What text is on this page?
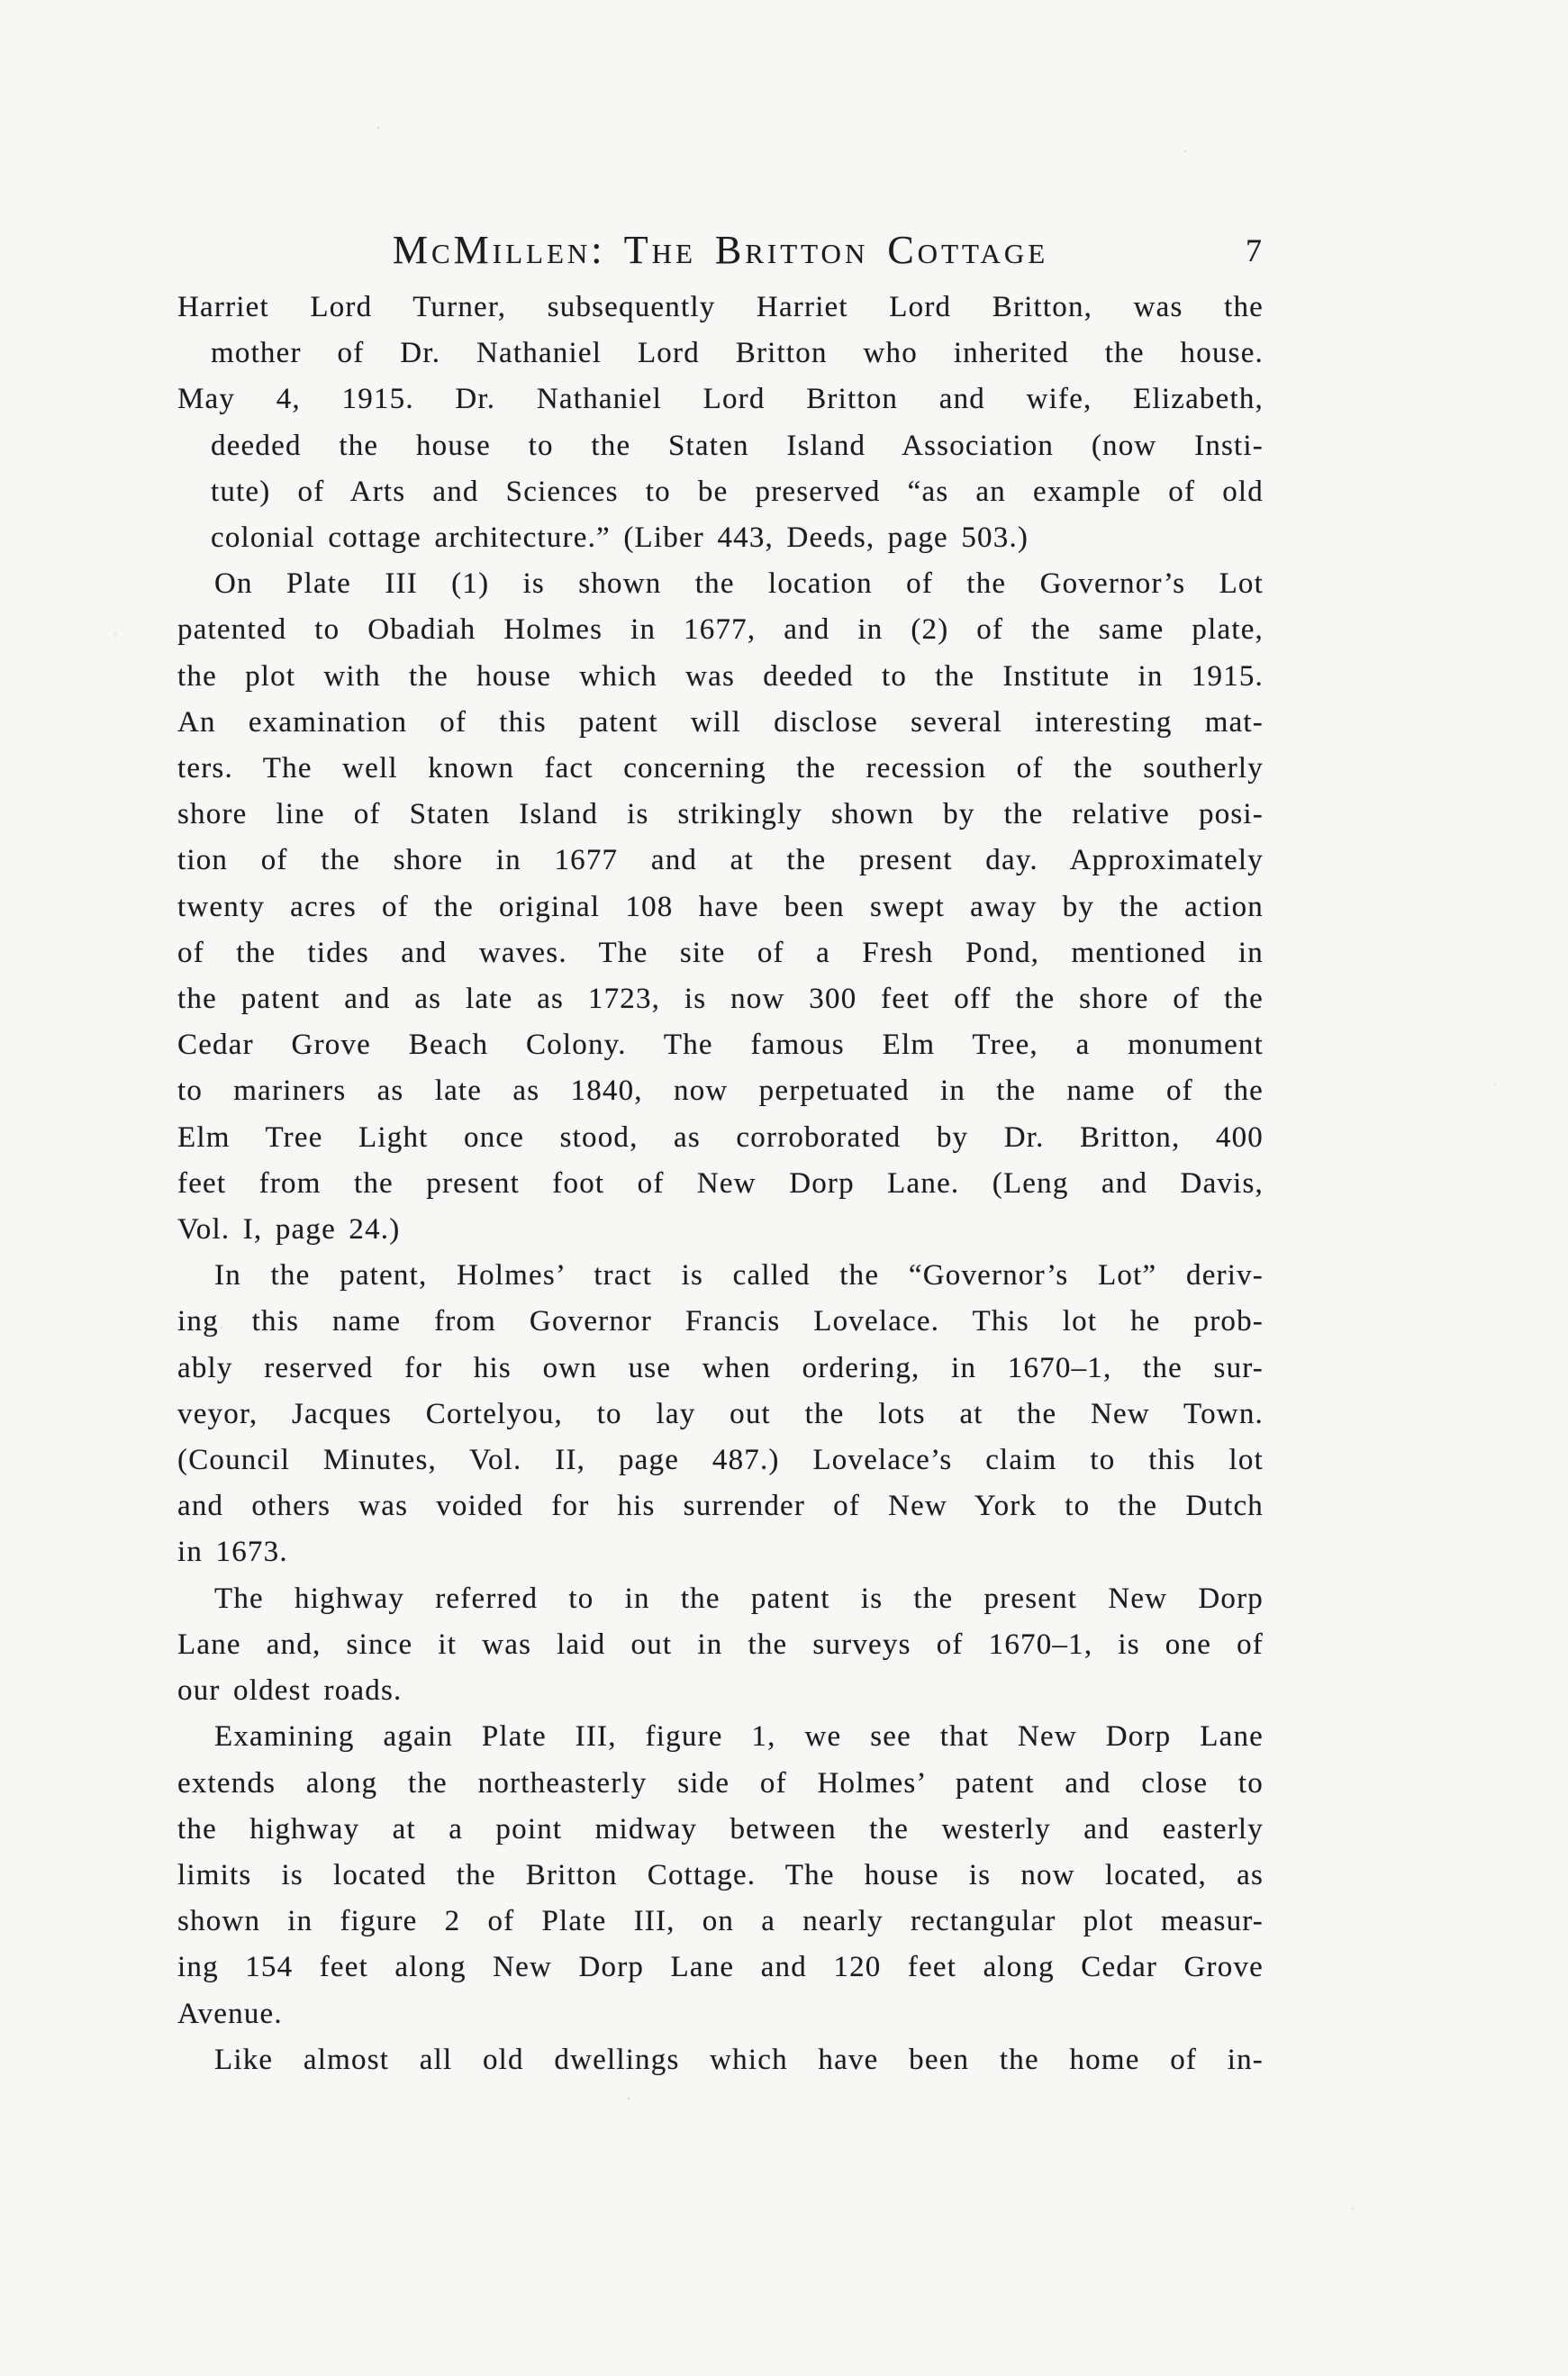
McMillen: The Britton Cottage	7
Harriet Lord Turner, subsequently Harriet Lord Britton, was the
mother of Dr. Nathaniel Lord Britton who inherited the house.
May 4, 1915. Dr. Nathaniel Lord Britton and wife, Elizabeth,
deeded the house to the Staten Island Association (now Insti-
tute) of Arts and Sciences to be preserved “as an example of old
colonial cottage architecture.” (Liber 443, Deeds, page 503.)
On Plate III (1) is shown the location of the Governor’s Lot
patented to Obadiah Holmes in 1677, and in (2) of the same plate,
the plot with the house which was deeded to the Institute in 1915.
An examination of this patent will disclose several interesting mat-
ters. The well known fact concerning the recession of the southerly
shore line of Staten Island is strikingly shown by the relative posi-
tion of the shore in 1677 and at the present day. Approximately
twenty acres of the original 108 have been swept away by the action
of the tides and waves. The site of a Fresh Pond, mentioned in
the patent and as late as 1723, is now 300 feet off the shore of the
Cedar Grove Beach Colony. The famous Elm Tree, a monument
to mariners as late as 1840, now perpetuated in the name of the
Elm Tree Light once stood, as corroborated by Dr. Britton, 400
feet from the present foot of New Dorp Lane. (Leng and Davis,
Vol. I, page 24.)
In the patent, Holmes’ tract is called the “Governor’s Lot” deriv-
ing this name from Governor Francis Lovelace. This lot he prob-
ably reserved for his own use when ordering, in 1670–1, the sur-
veyor, Jacques Cortelyou, to lay out the lots at the New Town.
(Council Minutes, Vol. II, page 487.) Lovelace’s claim to this lot
and others was voided for his surrender of New York to the Dutch
in 1673.
The highway referred to in the patent is the present New Dorp
Lane and, since it was laid out in the surveys of 1670–1, is one of
our oldest roads.
Examining again Plate III, figure 1, we see that New Dorp Lane
extends along the northeasterly side of Holmes’ patent and close to
the highway at a point midway between the westerly and easterly
limits is located the Britton Cottage. The house is now located, as
shown in figure 2 of Plate III, on a nearly rectangular plot measur-
ing 154 feet along New Dorp Lane and 120 feet along Cedar Grove
Avenue.
Like almost all old dwellings which have been the home of in-
